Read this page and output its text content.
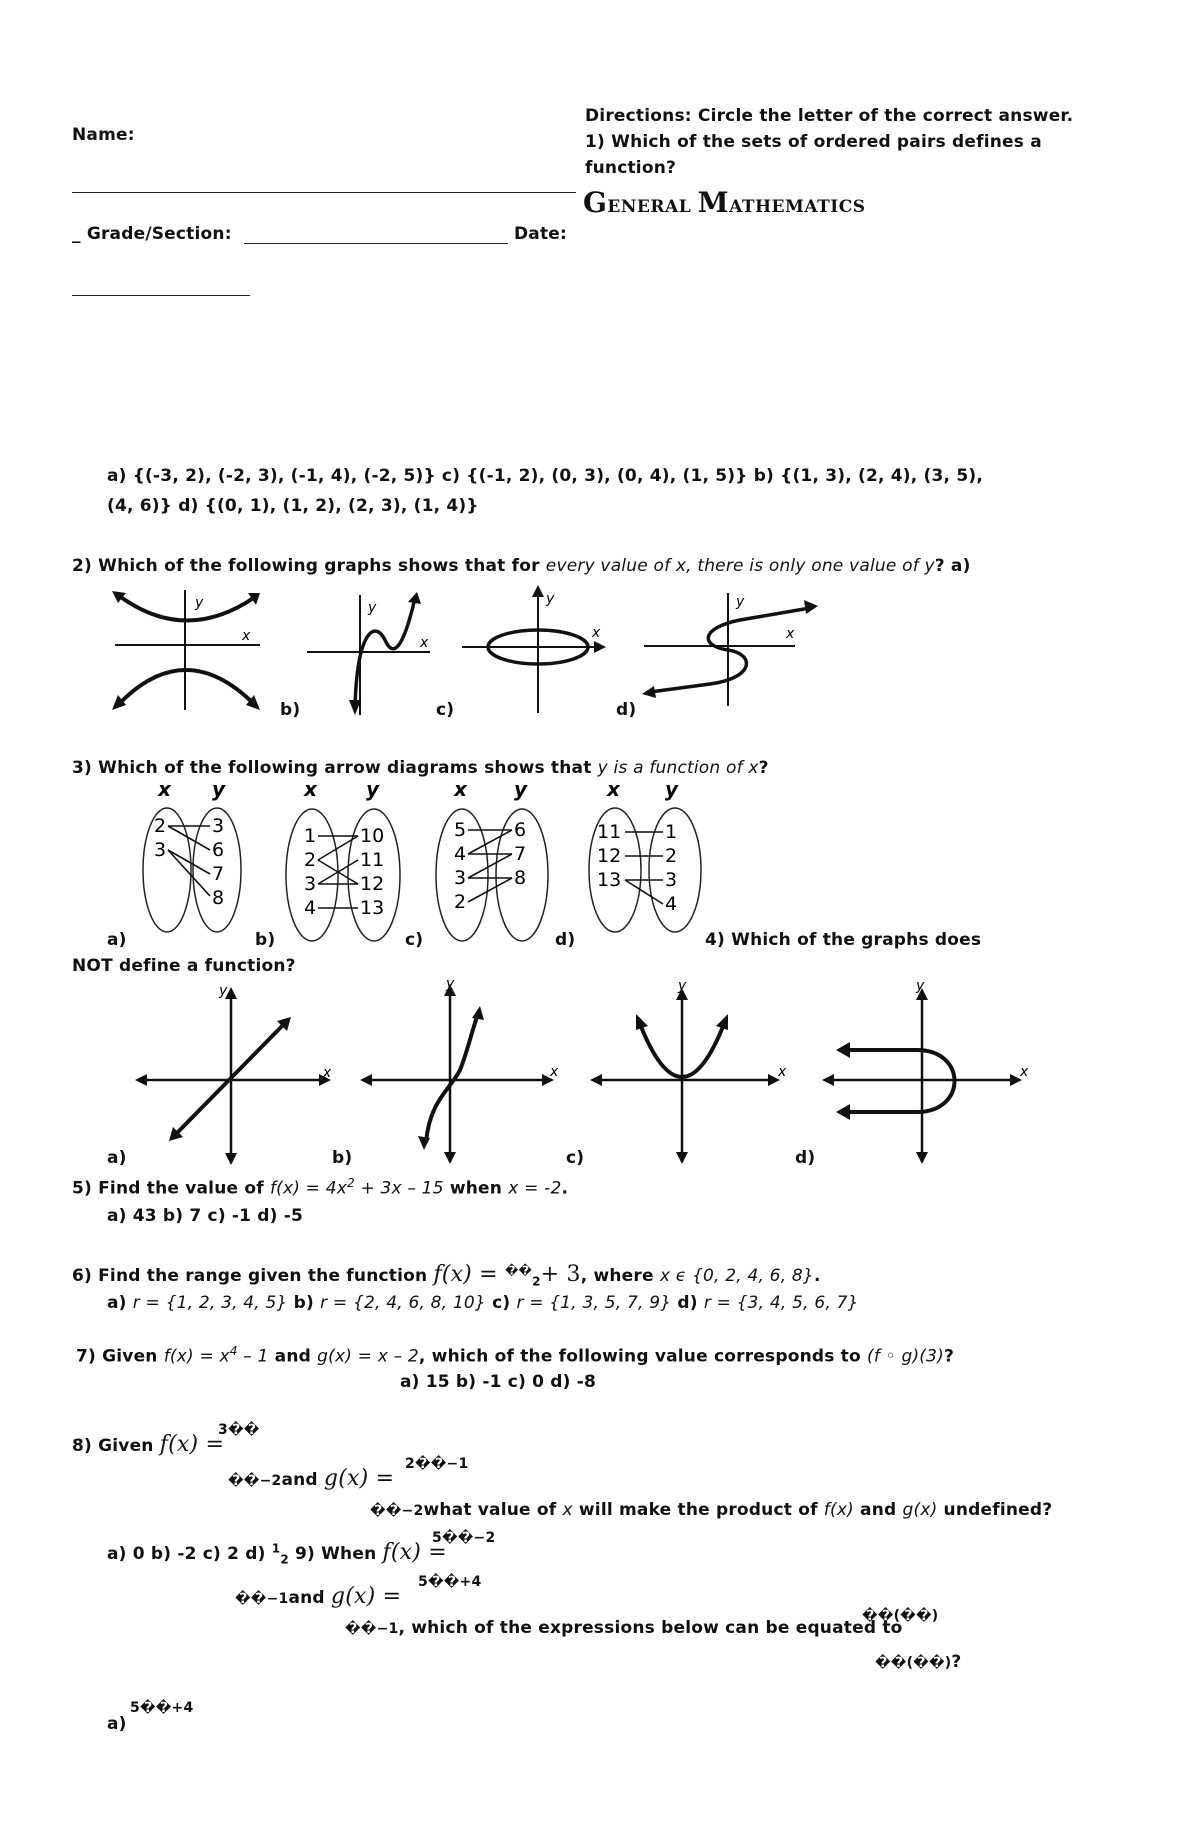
Name:
_ Grade/Section:	Date:
Directions: Circle the letter of the correct answer.
1) Which of the sets of ordered pairs defines a
function?
GENERAL MATHEMATICS
a) {(-3, 2), (-2, 3), (-1, 4), (-2, 5)} c) {(-1, 2), (0, 3), (0, 4), (1, 5)} b) {(1, 3), (2, 4), (3, 5),
(4, 6)} d) {(0, 1), (1, 2), (2, 3), (1, 4)}
2) Which of the following graphs shows that for every value of x, there is only one value of y? a)
y
x
y
x
y
x
y
x
b)	c)	d)
3) Which of the following arrow diagrams shows that y is a function of x?
x y
2
3
3
6
7
8
x y
1
2
3
4
10
11
12
13
x y
5
4
3
2
6
7
8
x y
11
12
13
1
2
3
4
a)	b)	c)	d)	4) Which of the graphs does
NOT define a function?
y
x
y
x
y
x
y
x
a)	b)	c)	d)
5) Find the value of $f(x) = 4x^2 + 3x - 15$ when x = -2.
a) 43 b) 7 c) -1 d) -5
6) Find the range given the function f(x) = ��$_2$+ 3, where x ϵ {0, 2, 4, 6, 8}.
a) r = {1, 2, 3, 4, 5} b) r = {2, 4, 6, 8, 10} c) r = {1, 3, 5, 7, 9} d) r = {3, 4, 5, 6, 7}
7) Given $f(x) = x^4 - 1$ and g(x) = x – 2, which of the following value corresponds to (f ◦ g)(3)?
a) 15 b) -1 c) 0 d) -8
8) Given f(x) =
3��
��−2and g(x) =
2��−1
��−2what value of x will make the product of f(x) and g(x) undefined?
a) 0 b) -2 c) 2 d) $^1_2$ 9) When f(x) =
5��−2
��−1and g(x) =
5��+4
��−1, which of the expressions below can be equated to
��(��)
��(��)?
a)
5��+4
